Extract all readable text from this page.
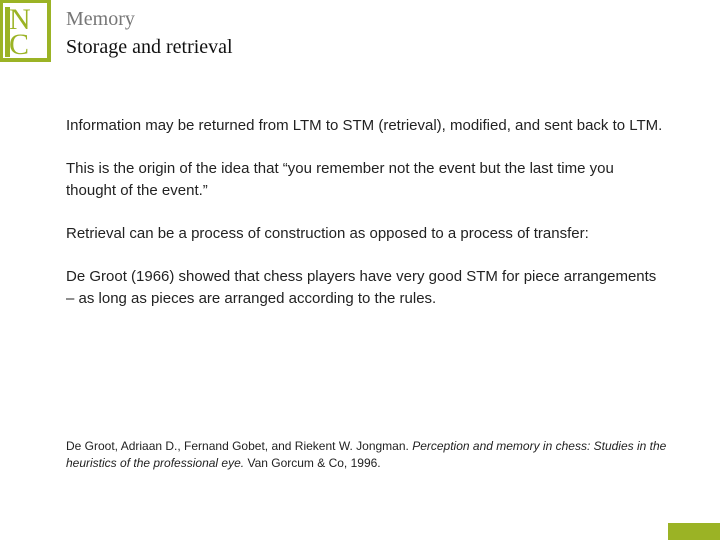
N
C
Memory
Storage and retrieval

Information may be returned from LTM to STM (retrieval), modified, and sent back to LTM.

This is the origin of the idea that “you remember not the event but the last time you thought of the event.”

Retrieval can be a process of construction as opposed to a process of transfer:

De Groot (1966) showed that chess players have very good STM for piece arrangements – as long as pieces are arranged according to the rules.

De Groot, Adriaan D., Fernand Gobet, and Riekent W. Jongman. Perception and memory in chess: Studies in the heuristics of the professional eye. Van Gorcum & Co, 1996.
